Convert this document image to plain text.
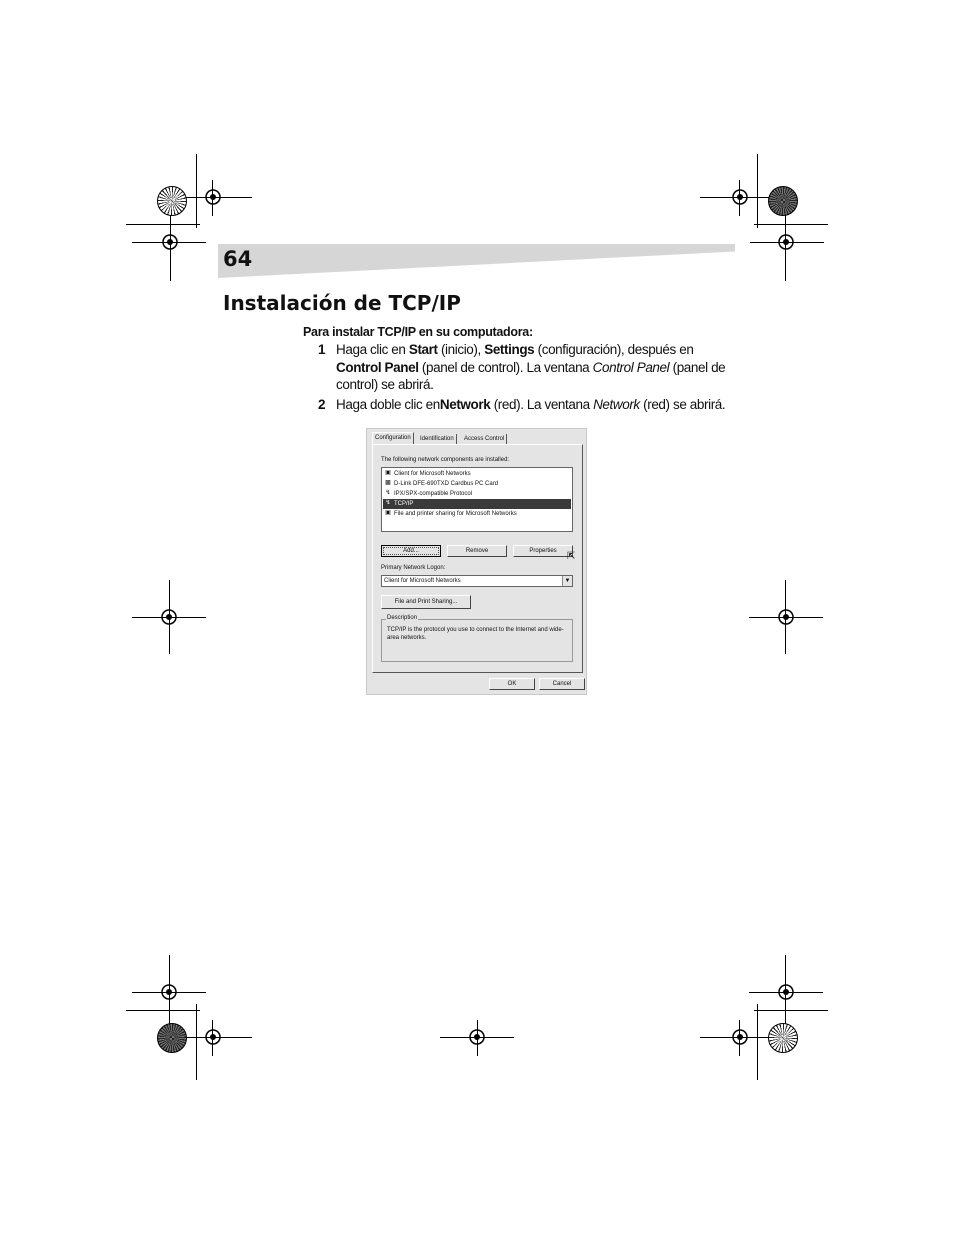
64
Instalación de TCP/IP
Para instalar TCP/IP en su computadora:
1 Haga clic en Start (inicio), Settings (configuración), después en Control Panel (panel de control). La ventana Control Panel (panel de control) se abrirá.
2 Haga doble clic enNetwork (red). La ventana Network (red) se abrirá.
Configuration	Identification	Access Control
The following network components are installed:
▣ Client for Microsoft Networks
▩ D-Link DFE-690TXD Cardbus PC Card
↯ IPX/SPX-compatible Protocol
↯ TCP/IP
▣ File and printer sharing for Microsoft Networks
Add...	Remove	Properties	⇱
Primary Network Logon:
Client for Microsoft Networks	▼
File and Print Sharing...
Description
TCP/IP is the protocol you use to connect to the Internet and wide-area networks.
OK	Cancel
